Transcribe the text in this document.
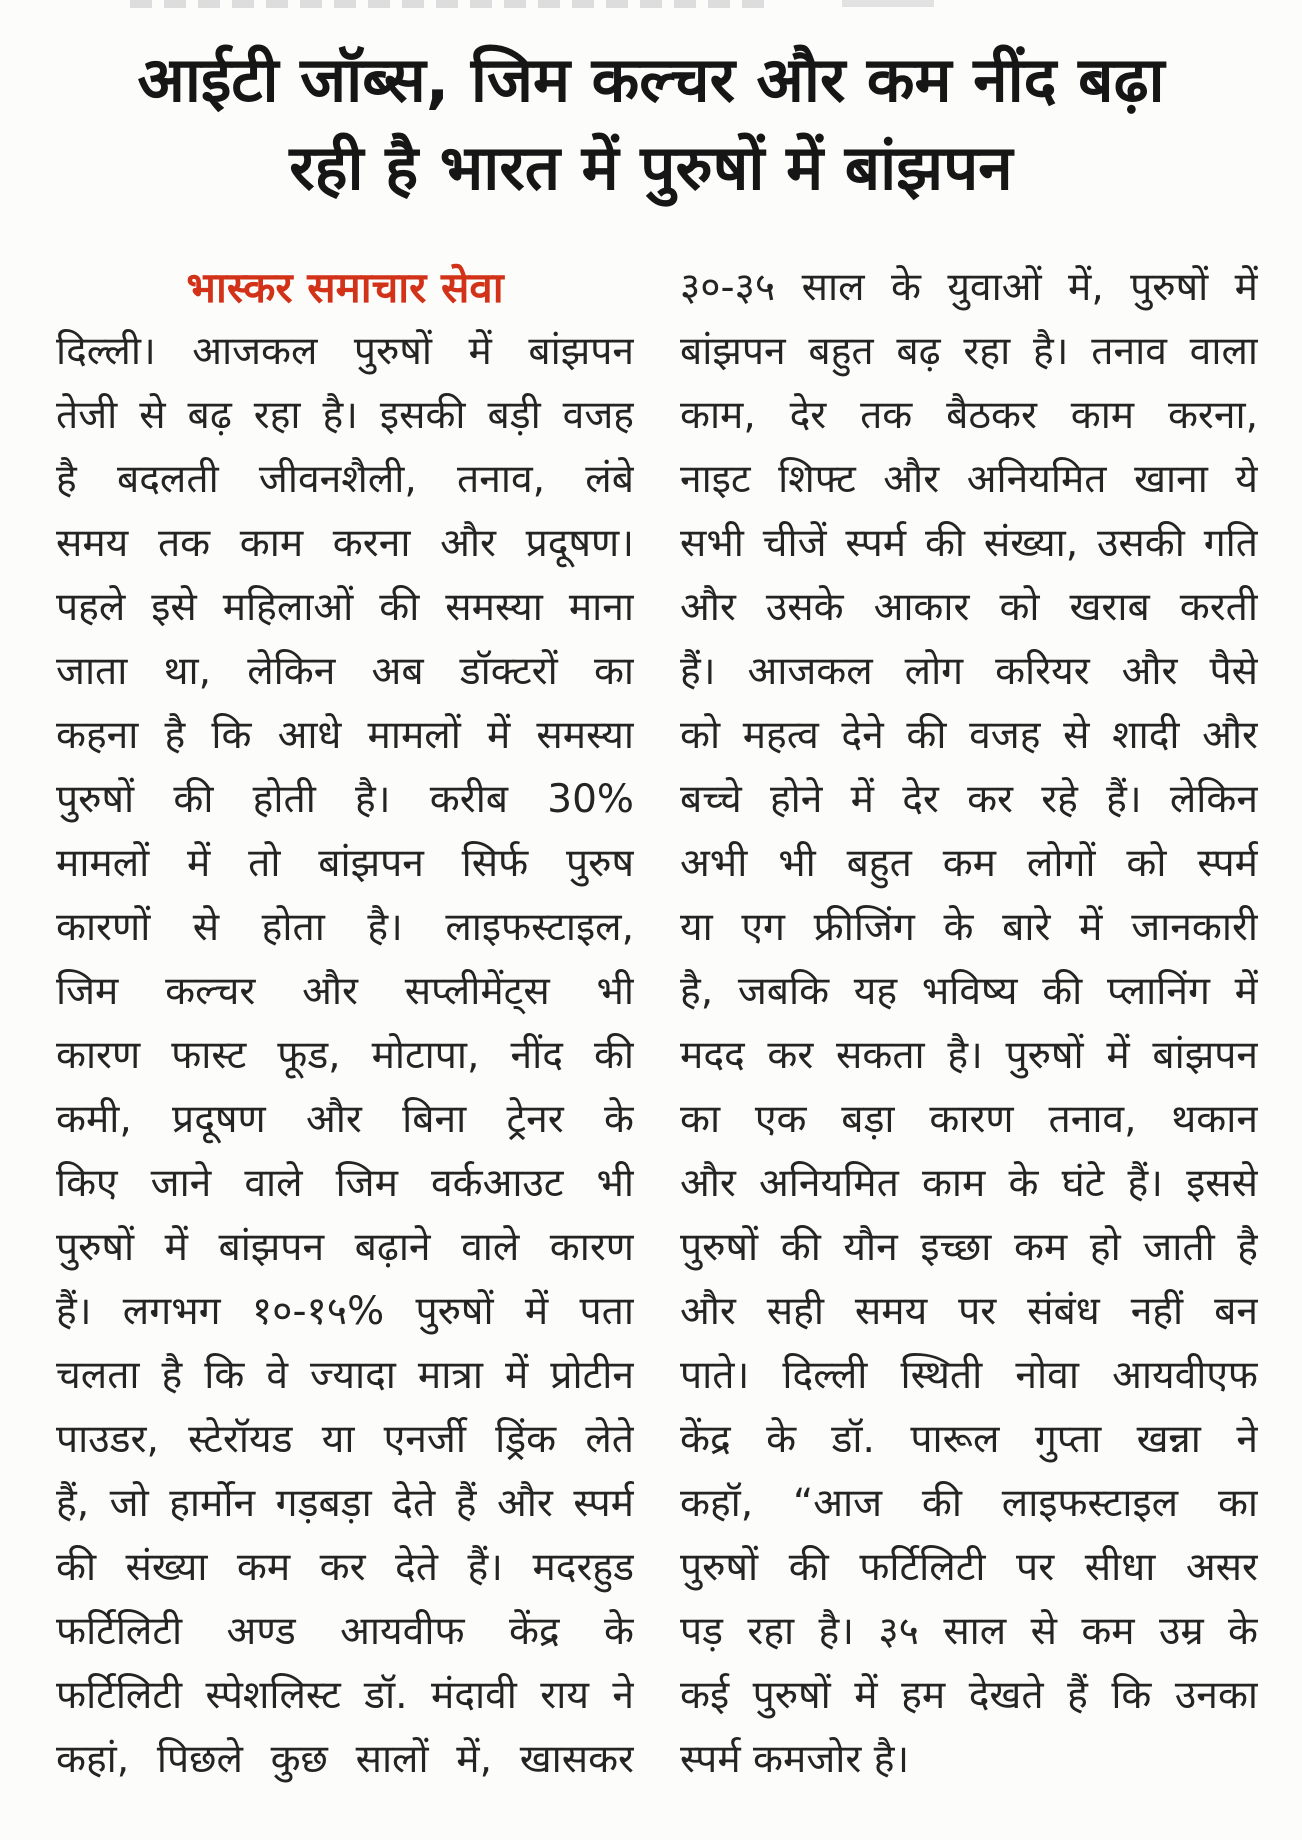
आईटी जॉब्स, जिम कल्चर और कम नींद बढ़ा
रही है भारत में पुरुषों में बांझपन
भास्कर समाचार सेवा
दिल्ली। आजकल पुरुषों में बांझपन
तेजी से बढ़ रहा है। इसकी बड़ी वजह
है बदलती जीवनशैली, तनाव, लंबे
समय तक काम करना और प्रदूषण।
पहले इसे महिलाओं की समस्या माना
जाता था, लेकिन अब डॉक्टरों का
कहना है कि आधे मामलों में समस्या
पुरुषों की होती है। करीब 30%
मामलों में तो बांझपन सिर्फ पुरुष
कारणों से होता है। लाइफस्टाइल,
जिम कल्चर और सप्लीमेंट्स भी
कारण फास्ट फूड, मोटापा, नींद की
कमी, प्रदूषण और बिना ट्रेनर के
किए जाने वाले जिम वर्कआउट भी
पुरुषों में बांझपन बढ़ाने वाले कारण
हैं। लगभग १०-१५% पुरुषों में पता
चलता है कि वे ज्यादा मात्रा में प्रोटीन
पाउडर, स्टेरॉयड या एनर्जी ड्रिंक लेते
हैं, जो हार्मोन गड़बड़ा देते हैं और स्पर्म
की संख्या कम कर देते हैं। मदरहुड
फर्टिलिटी अण्ड आयवीफ केंद्र के
फर्टिलिटी स्पेशलिस्ट डॉ. मंदावी राय ने
कहां, पिछले कुछ सालों में, खासकर
३०-३५ साल के युवाओं में, पुरुषों में
बांझपन बहुत बढ़ रहा है। तनाव वाला
काम, देर तक बैठकर काम करना,
नाइट शिफ्ट और अनियमित खाना ये
सभी चीजें स्पर्म की संख्या, उसकी गति
और उसके आकार को खराब करती
हैं। आजकल लोग करियर और पैसे
को महत्व देने की वजह से शादी और
बच्चे होने में देर कर रहे हैं। लेकिन
अभी भी बहुत कम लोगों को स्पर्म
या एग फ्रीजिंग के बारे में जानकारी
है, जबकि यह भविष्य की प्लानिंग में
मदद कर सकता है। पुरुषों में बांझपन
का एक बड़ा कारण तनाव, थकान
और अनियमित काम के घंटे हैं। इससे
पुरुषों की यौन इच्छा कम हो जाती है
और सही समय पर संबंध नहीं बन
पाते। दिल्ली स्थिती नोवा आयवीएफ
केंद्र के डॉ. पारूल गुप्ता खन्ना ने
कहॉ, “आज की लाइफस्टाइल का
पुरुषों की फर्टिलिटी पर सीधा असर
पड़ रहा है। ३५ साल से कम उम्र के
कई पुरुषों में हम देखते हैं कि उनका
स्पर्म कमजोर है।
